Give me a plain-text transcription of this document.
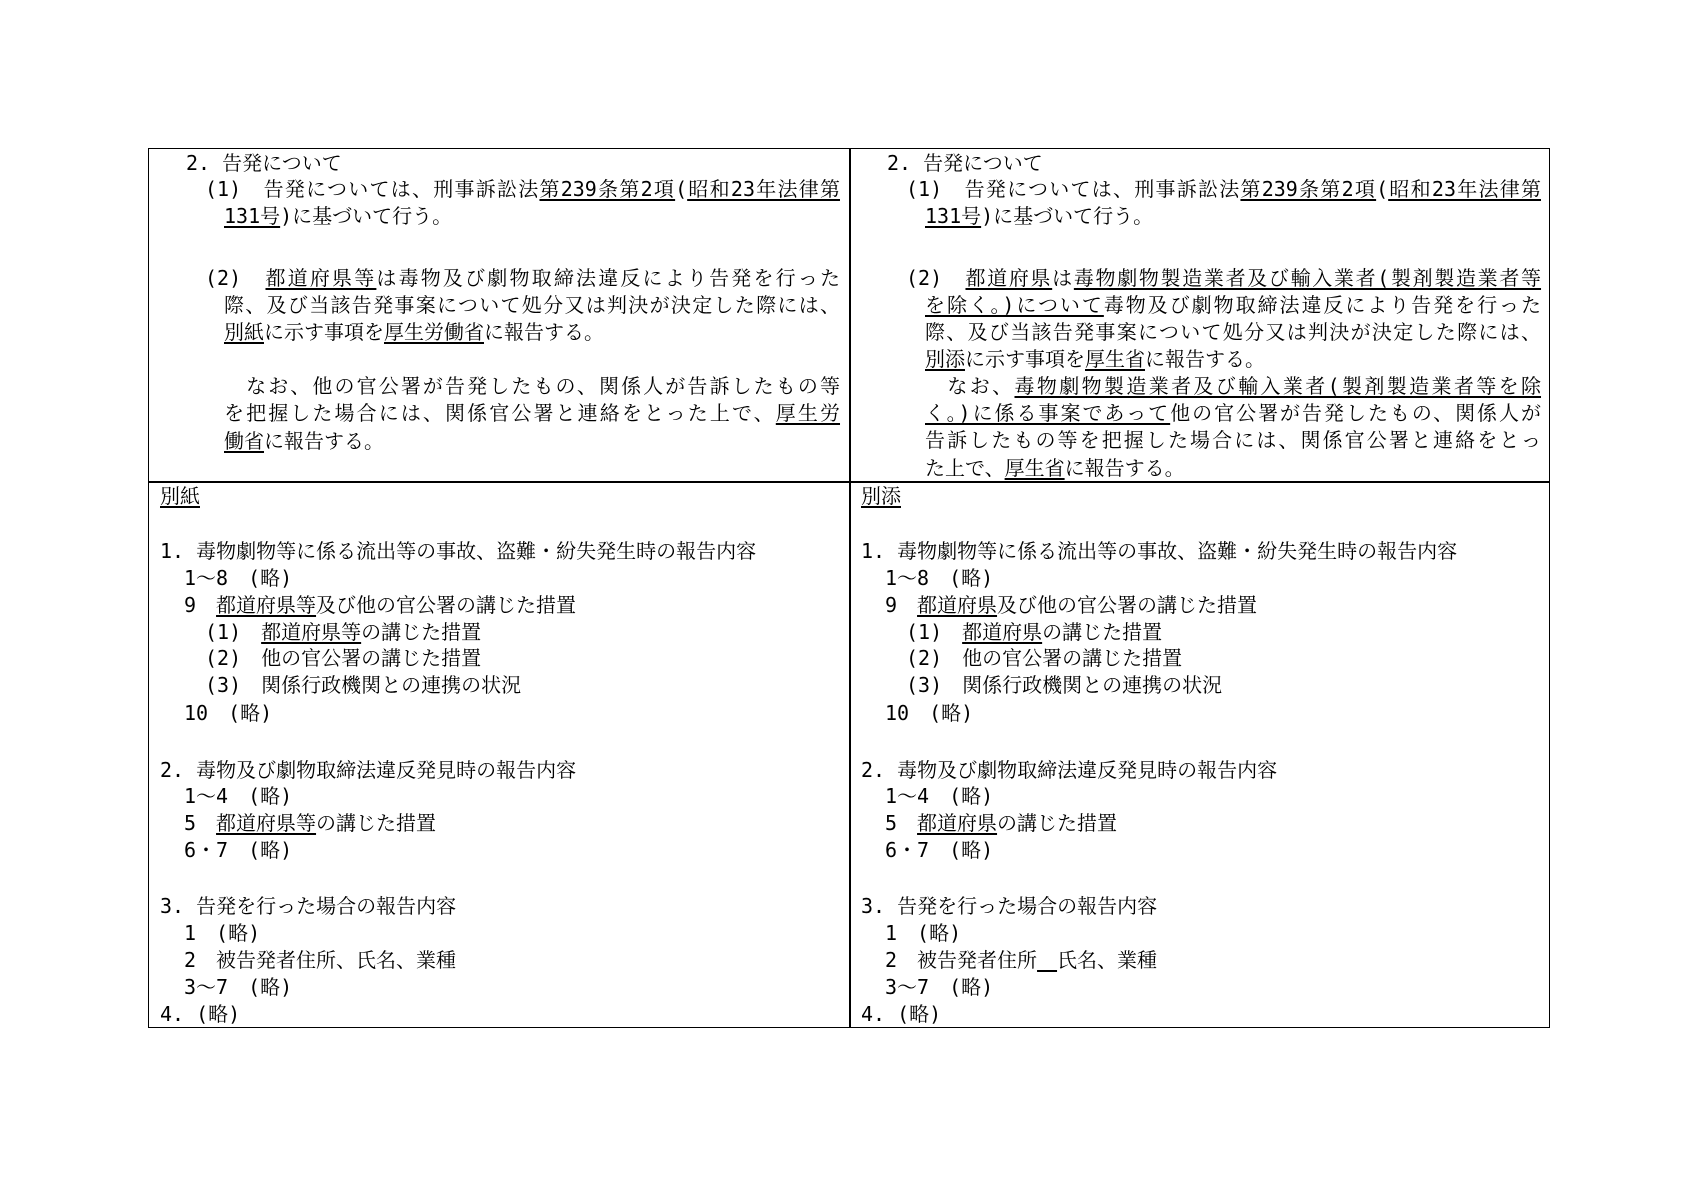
2. 告発について
(1)　告発については、刑事訴訟法第239条第2項(昭和23年法律第
131号)に基づいて行う。
(2)　都道府県等は毒物及び劇物取締法違反により告発を行った
際、及び当該告発事案について処分又は判決が決定した際には、
別紙に示す事項を厚生労働省に報告する。
　なお、他の官公署が告発したもの、関係人が告訴したもの等
を把握した場合には、関係官公署と連絡をとった上で、厚生労
働省に報告する。
2. 告発について
(1)　告発については、刑事訴訟法第239条第2項(昭和23年法律第
131号)に基づいて行う。
(2)　都道府県は毒物劇物製造業者及び輸入業者(製剤製造業者等
を除く。)について毒物及び劇物取締法違反により告発を行った
際、及び当該告発事案について処分又は判決が決定した際には、
別添に示す事項を厚生省に報告する。
　なお、毒物劇物製造業者及び輸入業者(製剤製造業者等を除
く。)に係る事案であって他の官公署が告発したもの、関係人が
告訴したもの等を把握した場合には、関係官公署と連絡をとっ
た上で、厚生省に報告する。
別紙
1. 毒物劇物等に係る流出等の事故、盗難・紛失発生時の報告内容
1～8　(略)
9　都道府県等及び他の官公署の講じた措置
(1)　都道府県等の講じた措置
(2)　他の官公署の講じた措置
(3)　関係行政機関との連携の状況
10　(略)
2. 毒物及び劇物取締法違反発見時の報告内容
1～4　(略)
5　都道府県等の講じた措置
6・7　(略)
3. 告発を行った場合の報告内容
1　(略)
2　被告発者住所、氏名、業種
3～7　(略)
4. (略)
別添
1. 毒物劇物等に係る流出等の事故、盗難・紛失発生時の報告内容
1～8　(略)
9　都道府県及び他の官公署の講じた措置
(1)　都道府県の講じた措置
(2)　他の官公署の講じた措置
(3)　関係行政機関との連携の状況
10　(略)
2. 毒物及び劇物取締法違反発見時の報告内容
1～4　(略)
5　都道府県の講じた措置
6・7　(略)
3. 告発を行った場合の報告内容
1　(略)
2　被告発者住所　 氏名、業種
3～7　(略)
4. (略)
